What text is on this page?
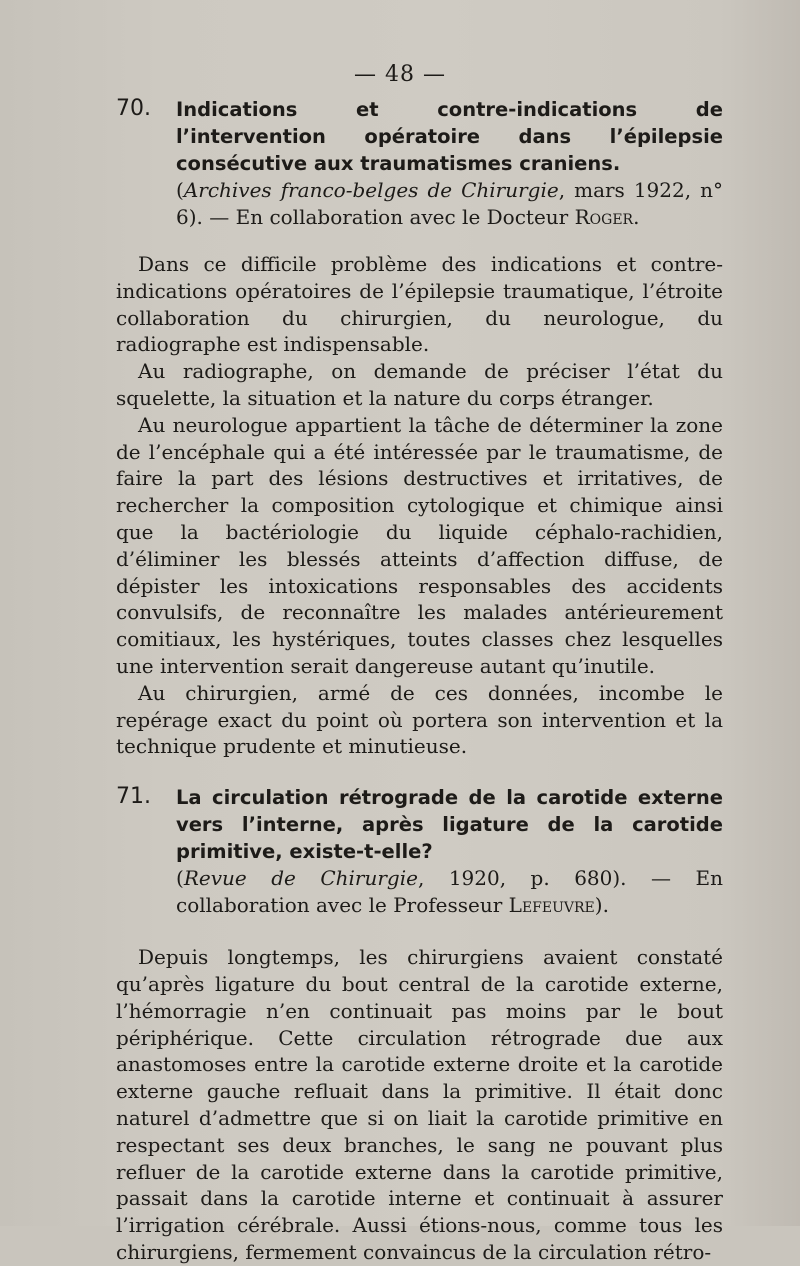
— 48 —
70. Indications et contre-indications de l’intervention opératoire dans l’épilepsie consécutive aux traumatismes craniens.
(Archives franco-belges de Chirurgie, mars 1922, n° 6). — En collaboration avec le Docteur Roger.

Dans ce difficile problème des indications et contre-indications opératoires de l’épilepsie traumatique, l’étroite collaboration du chirurgien, du neurologue, du radiographe est indispensable.

Au radiographe, on demande de préciser l’état du squelette, la situation et la nature du corps étranger.

Au neurologue appartient la tâche de déterminer la zone de l’encéphale qui a été intéressée par le traumatisme, de faire la part des lésions destructives et irritatives, de rechercher la composition cytologique et chimique ainsi que la bactériologie du liquide céphalo-rachidien, d’éliminer les blessés atteints d’affection diffuse, de dépister les intoxications responsables des accidents convulsifs, de reconnaître les malades antérieurement comitiaux, les hystériques, toutes classes chez lesquelles une intervention serait dangereuse autant qu’inutile.

Au chirurgien, armé de ces données, incombe le repérage exact du point où portera son intervention et la technique prudente et minutieuse.

71. La circulation rétrograde de la carotide externe vers l’interne, après ligature de la carotide primitive, existe-t-elle?
(Revue de Chirurgie, 1920, p. 680). — En collaboration avec le Professeur Lefeuvre).

Depuis longtemps, les chirurgiens avaient constaté qu’après ligature du bout central de la carotide externe, l’hémorragie n’en continuait pas moins par le bout périphérique. Cette circulation rétrograde due aux anastomoses entre la carotide externe droite et la carotide externe gauche refluait dans la primitive. Il était donc naturel d’admettre que si on liait la carotide primitive en respectant ses deux branches, le sang ne pouvant plus refluer de la carotide externe dans la carotide primitive, passait dans la carotide interne et continuait à assurer l’irrigation cérébrale. Aussi étions-nous, comme tous les chirurgiens, fermement convaincus de la circulation rétro-
